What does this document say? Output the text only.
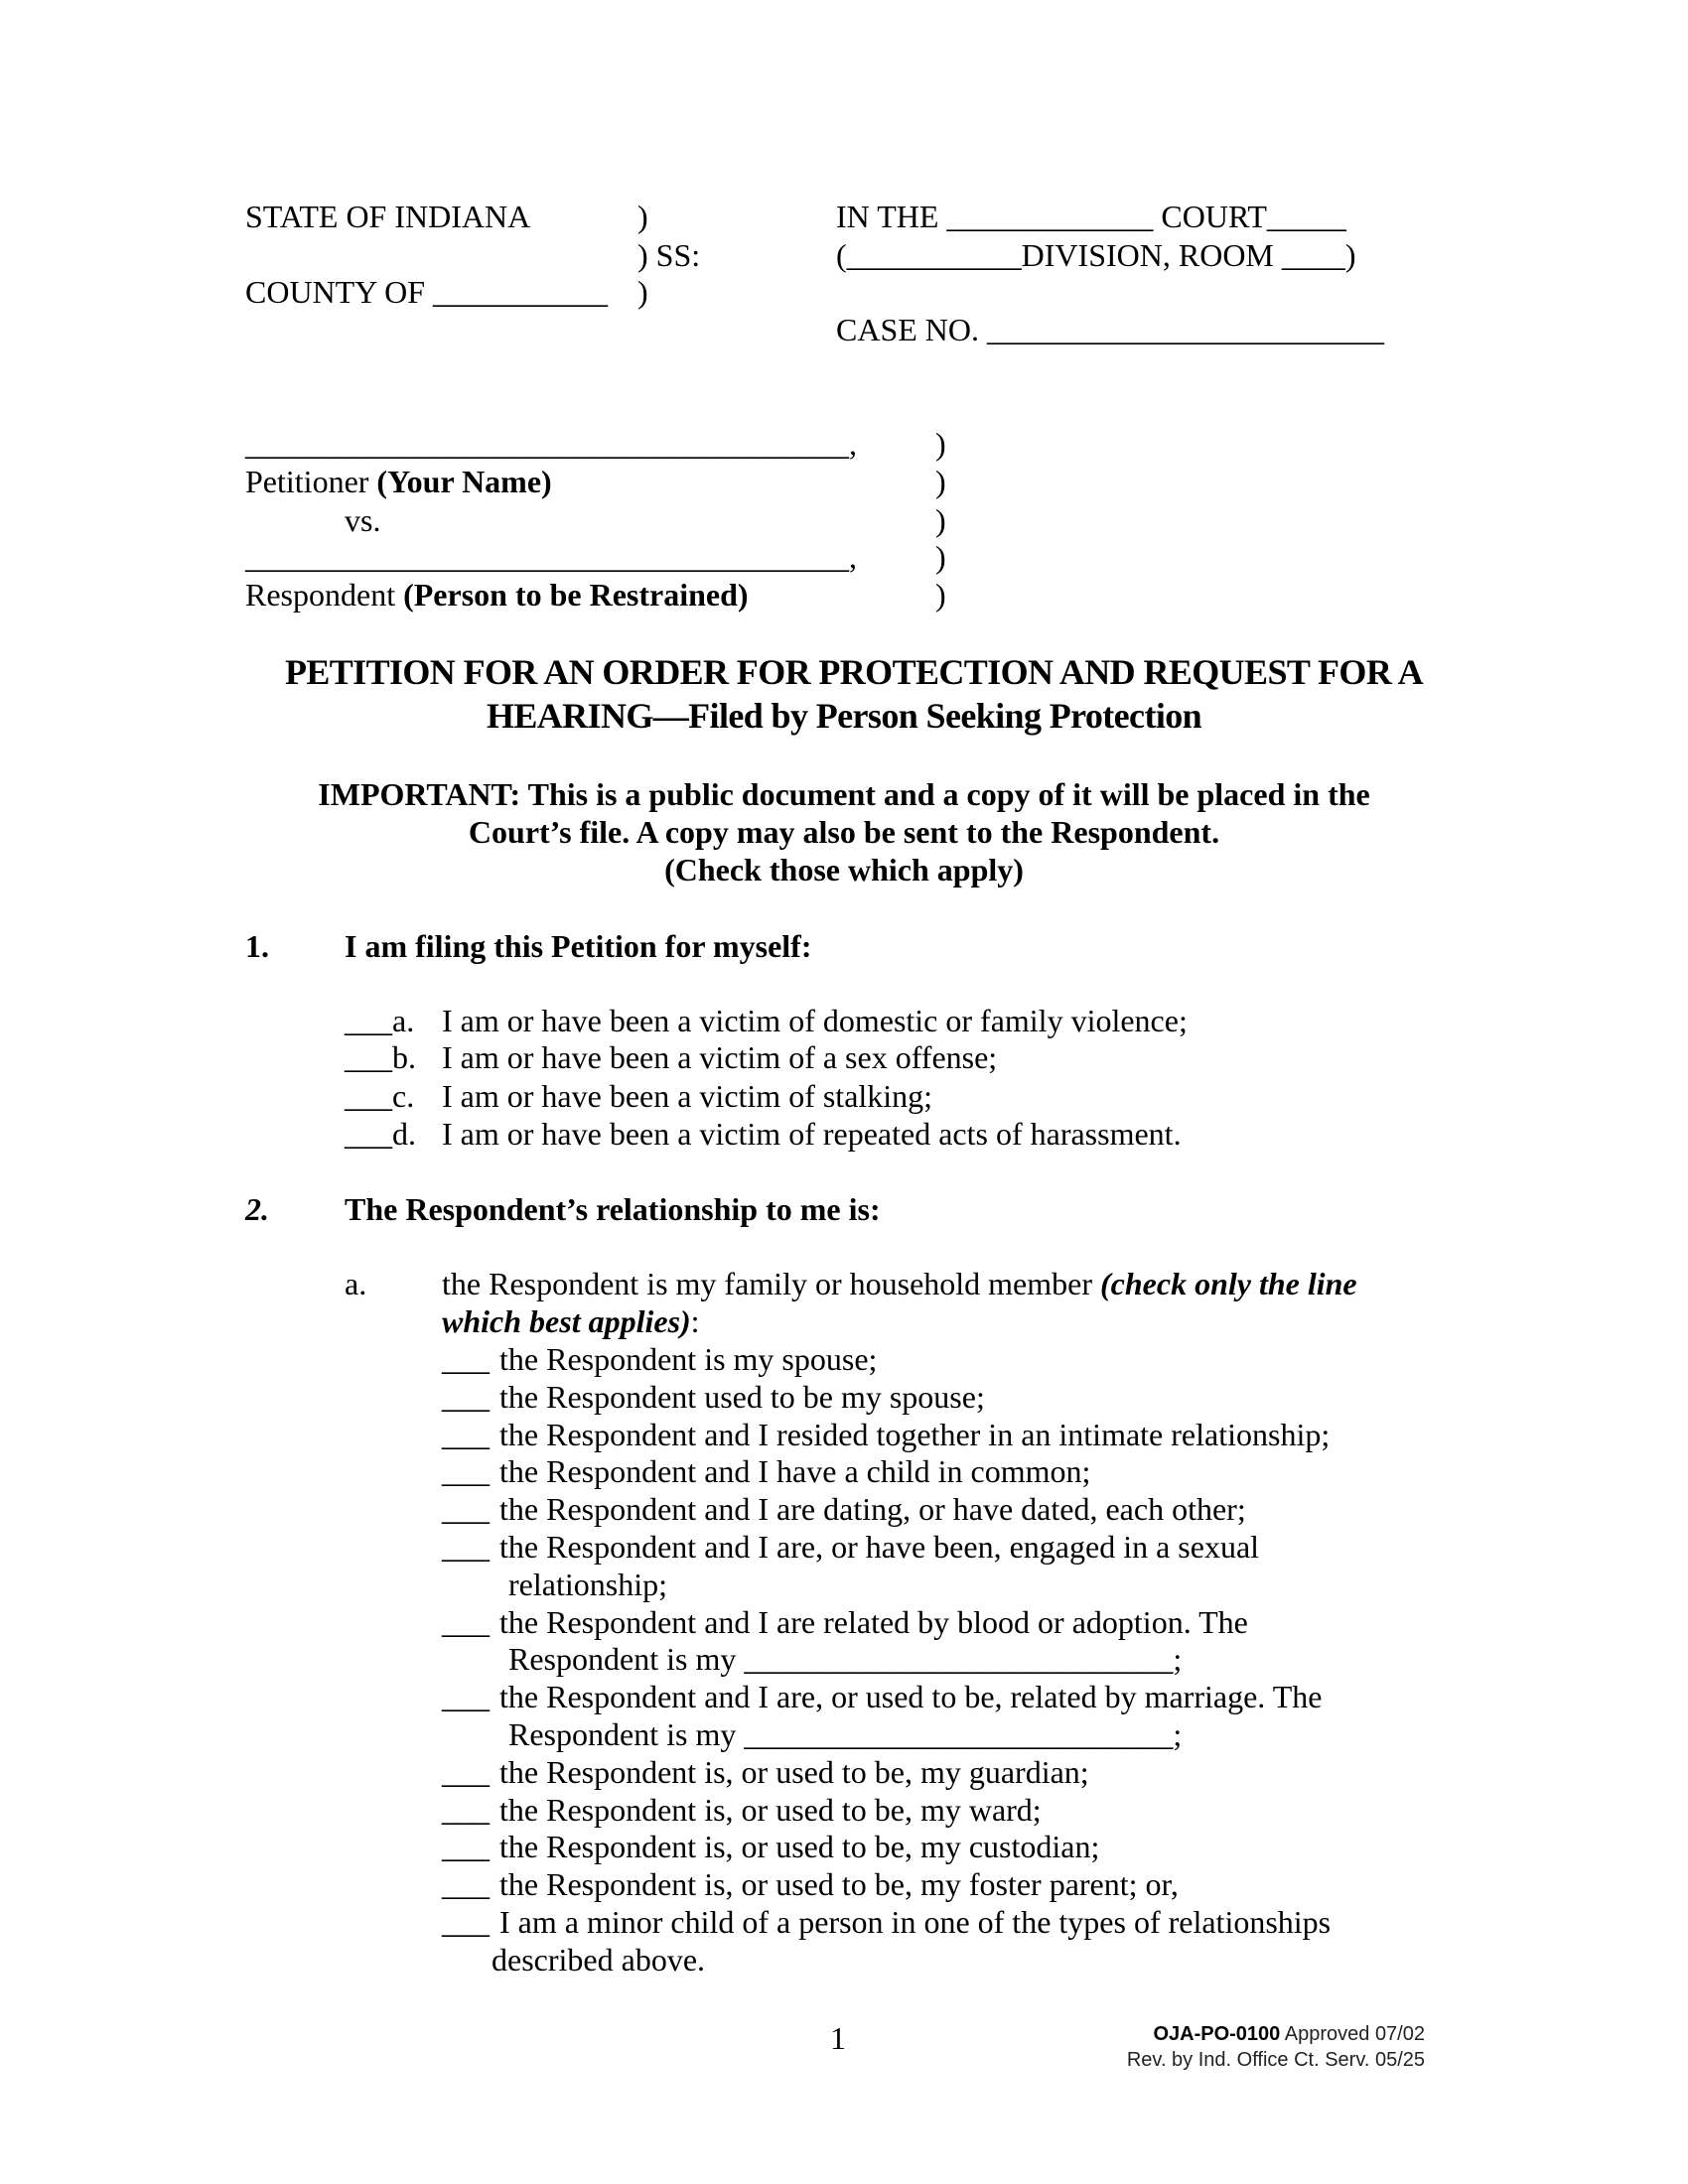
STATE OF INDIANA	)
) SS:
COUNTY OF ___________ )
IN THE _____________ COURT_____
(___________DIVISION, ROOM ____)
CASE NO. _________________________
______________________________________,
Petitioner (Your Name)
vs.
______________________________________,
Respondent (Person to be Restrained)
)
)
)
)
)
PETITION FOR AN ORDER FOR PROTECTION AND REQUEST FOR A
HEARING—Filed by Person Seeking Protection
IMPORTANT: This is a public document and a copy of it will be placed in the
Court’s file. A copy may also be sent to the Respondent.
(Check those which apply)
1. I am filing this Petition for myself:
___a. I am or have been a victim of domestic or family violence;
___b. I am or have been a victim of a sex offense;
___c. I am or have been a victim of stalking;
___d. I am or have been a victim of repeated acts of harassment.
2. The Respondent’s relationship to me is:
a. the Respondent is my family or household member (check only the line
which best applies):
___ the Respondent is my spouse;
___ the Respondent used to be my spouse;
___ the Respondent and I resided together in an intimate relationship;
___ the Respondent and I have a child in common;
___ the Respondent and I are dating, or have dated, each other;
___ the Respondent and I are, or have been, engaged in a sexual
relationship;
___ the Respondent and I are related by blood or adoption. The
Respondent is my ___________________________;
___ the Respondent and I are, or used to be, related by marriage. The
Respondent is my ___________________________;
___ the Respondent is, or used to be, my guardian;
___ the Respondent is, or used to be, my ward;
___ the Respondent is, or used to be, my custodian;
___ the Respondent is, or used to be, my foster parent; or,
___ I am a minor child of a person in one of the types of relationships
described above.
1	OJA-PO-0100 Approved 07/02
Rev. by Ind. Office Ct. Serv. 05/25
